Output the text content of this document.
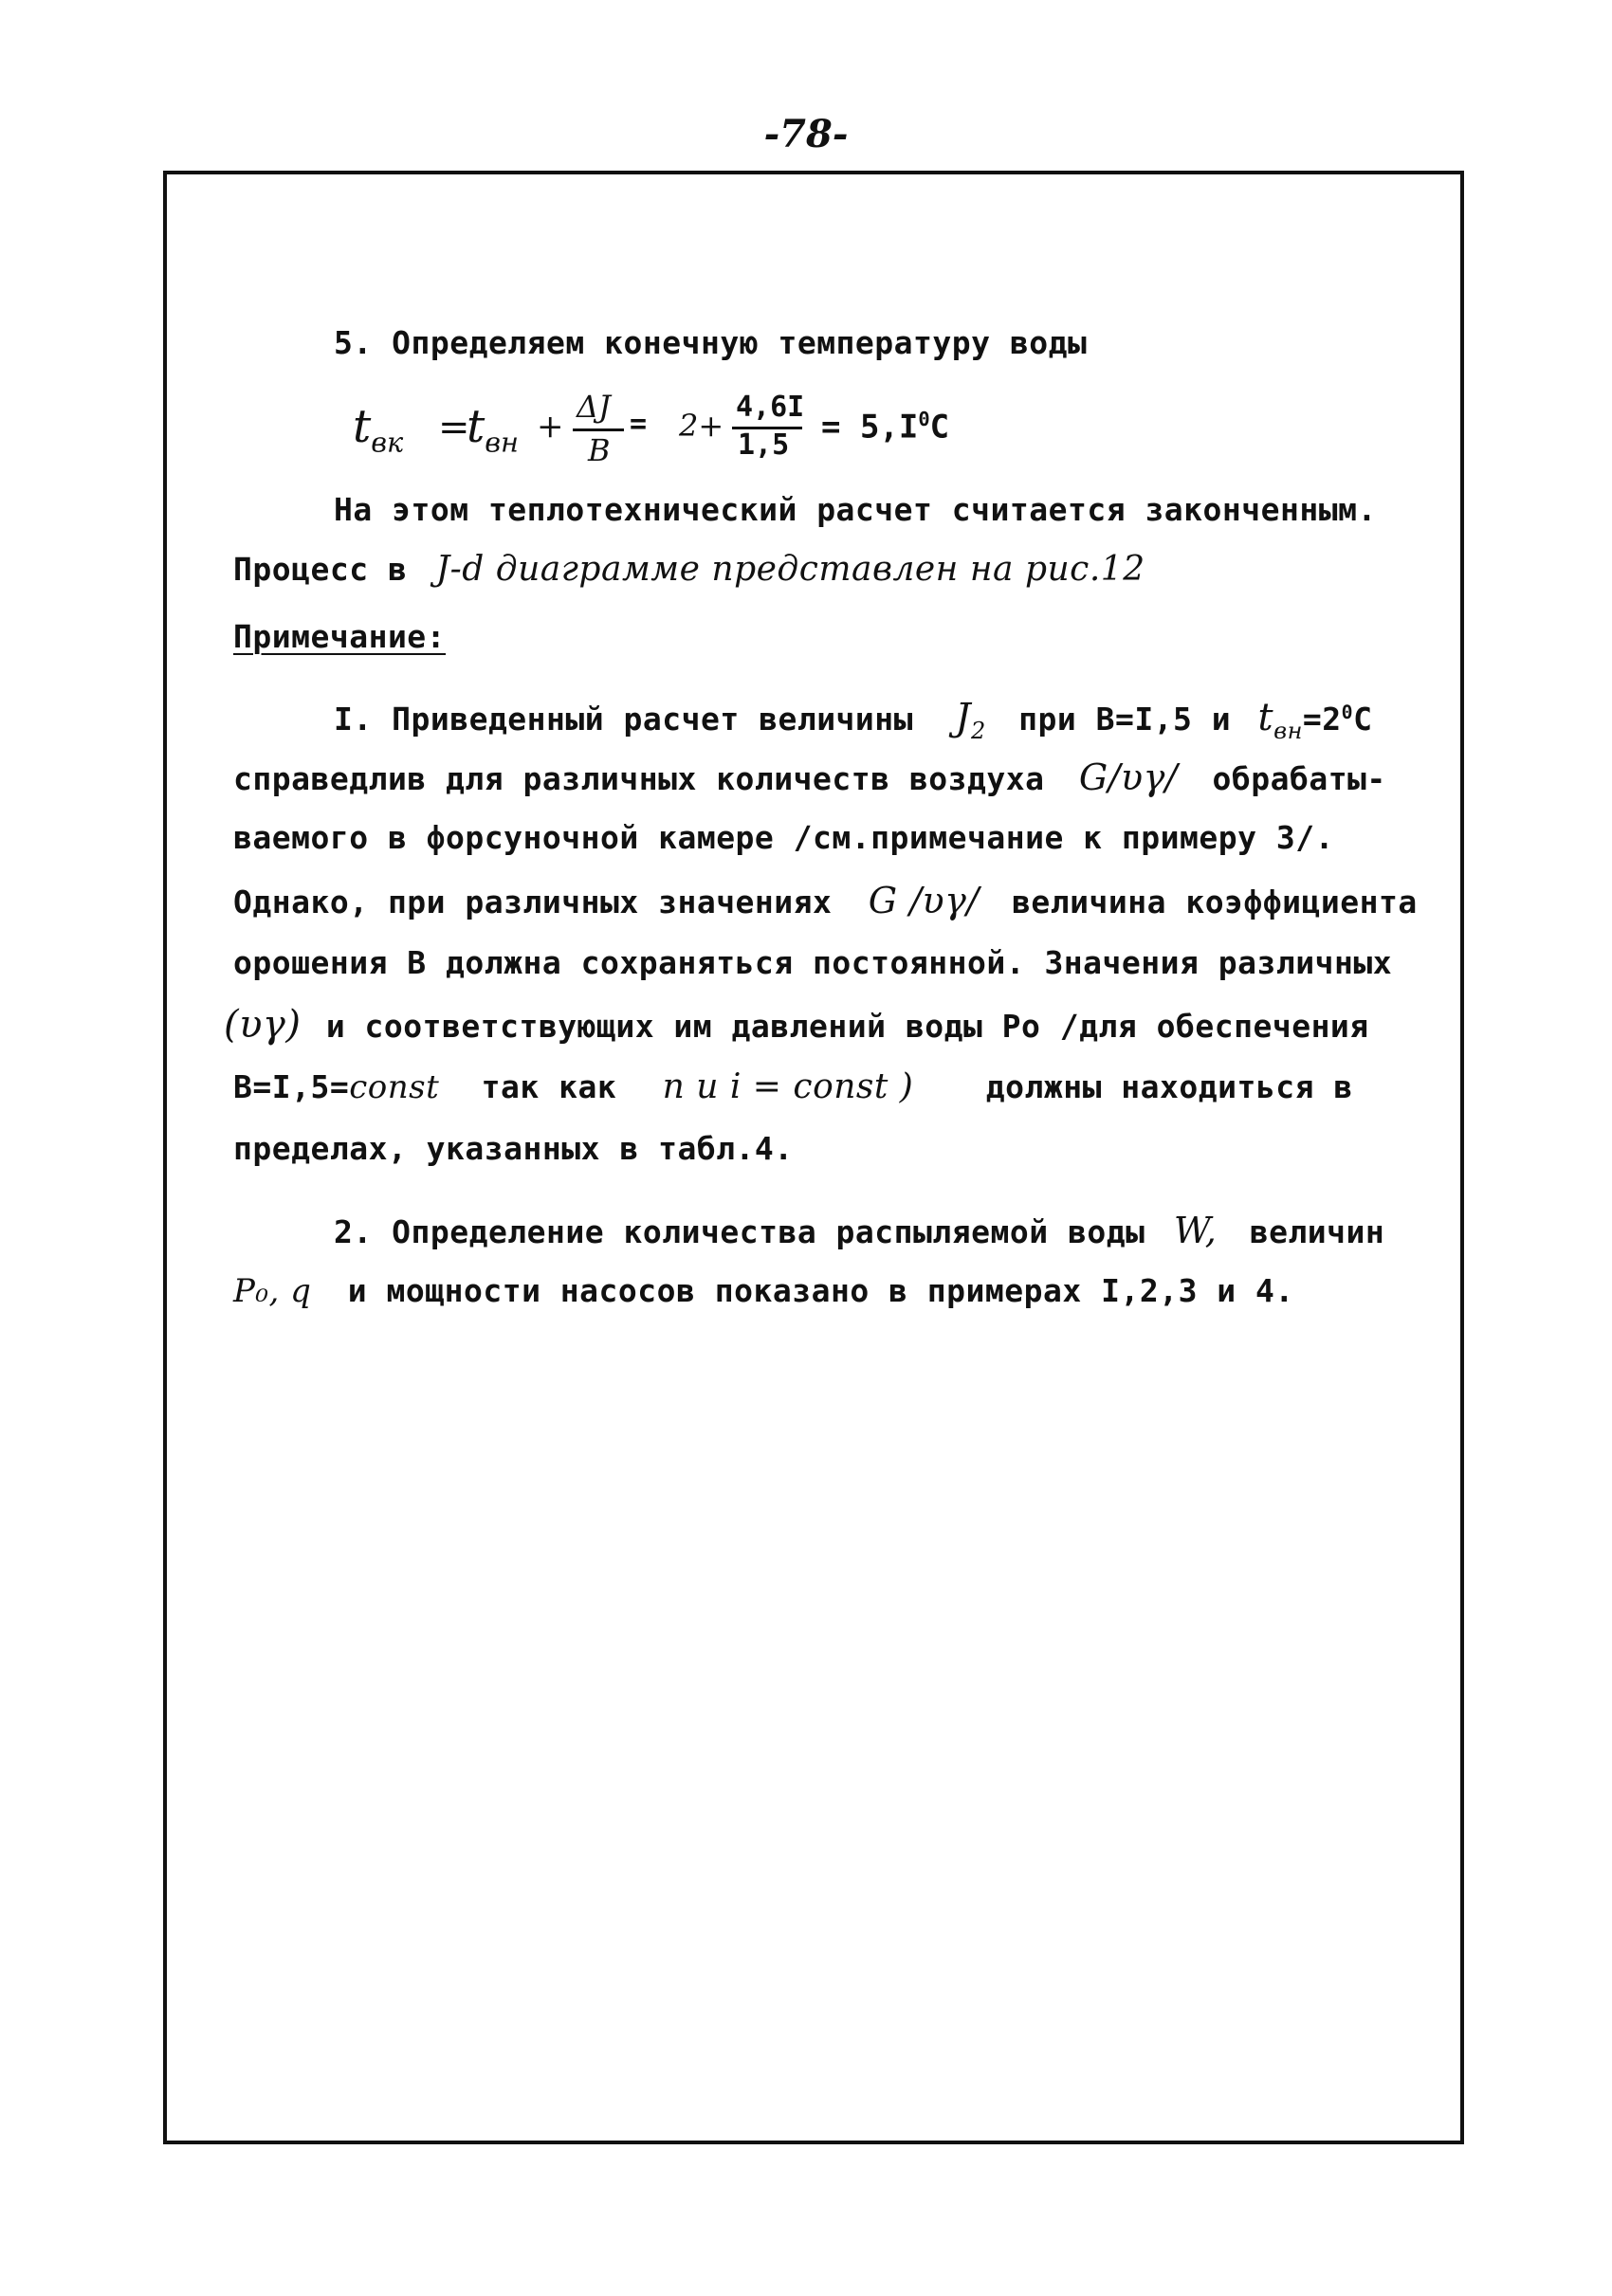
-78-
5. Определяем конечную температуру воды
$t_{вк}$ =
$t_{вн}$ +
ΔJ
B
= 2+
4,6I
$1,5 = 5,I^0C$
На этом теплотехнический расчет считается законченным.
Процесс в J-d диаграмме представлен на рис.12
Примечание:
I. Приведенный расчет величины $J_2$ при B=I,5 и $t_{вн}=2^0C$
справедлив для различных количеств воздуха G/υγ/ обрабаты-
ваемого в форсуночной камере /см.примечание к примеру 3/.
Однако, при различных значениях G /υγ/ величина коэффициента
орошения B должна сохраняться постоянной. Значения различных
(υγ) и соответствующих им давлений воды Po /для обеспечения
B=I,5=const так как n и i = const ) должны находиться в
пределах, указанных в табл.4.
2. Определение количества распыляемой воды W, величин
P₀, q и мощности насосов показано в примерах I,2,3 и 4.
